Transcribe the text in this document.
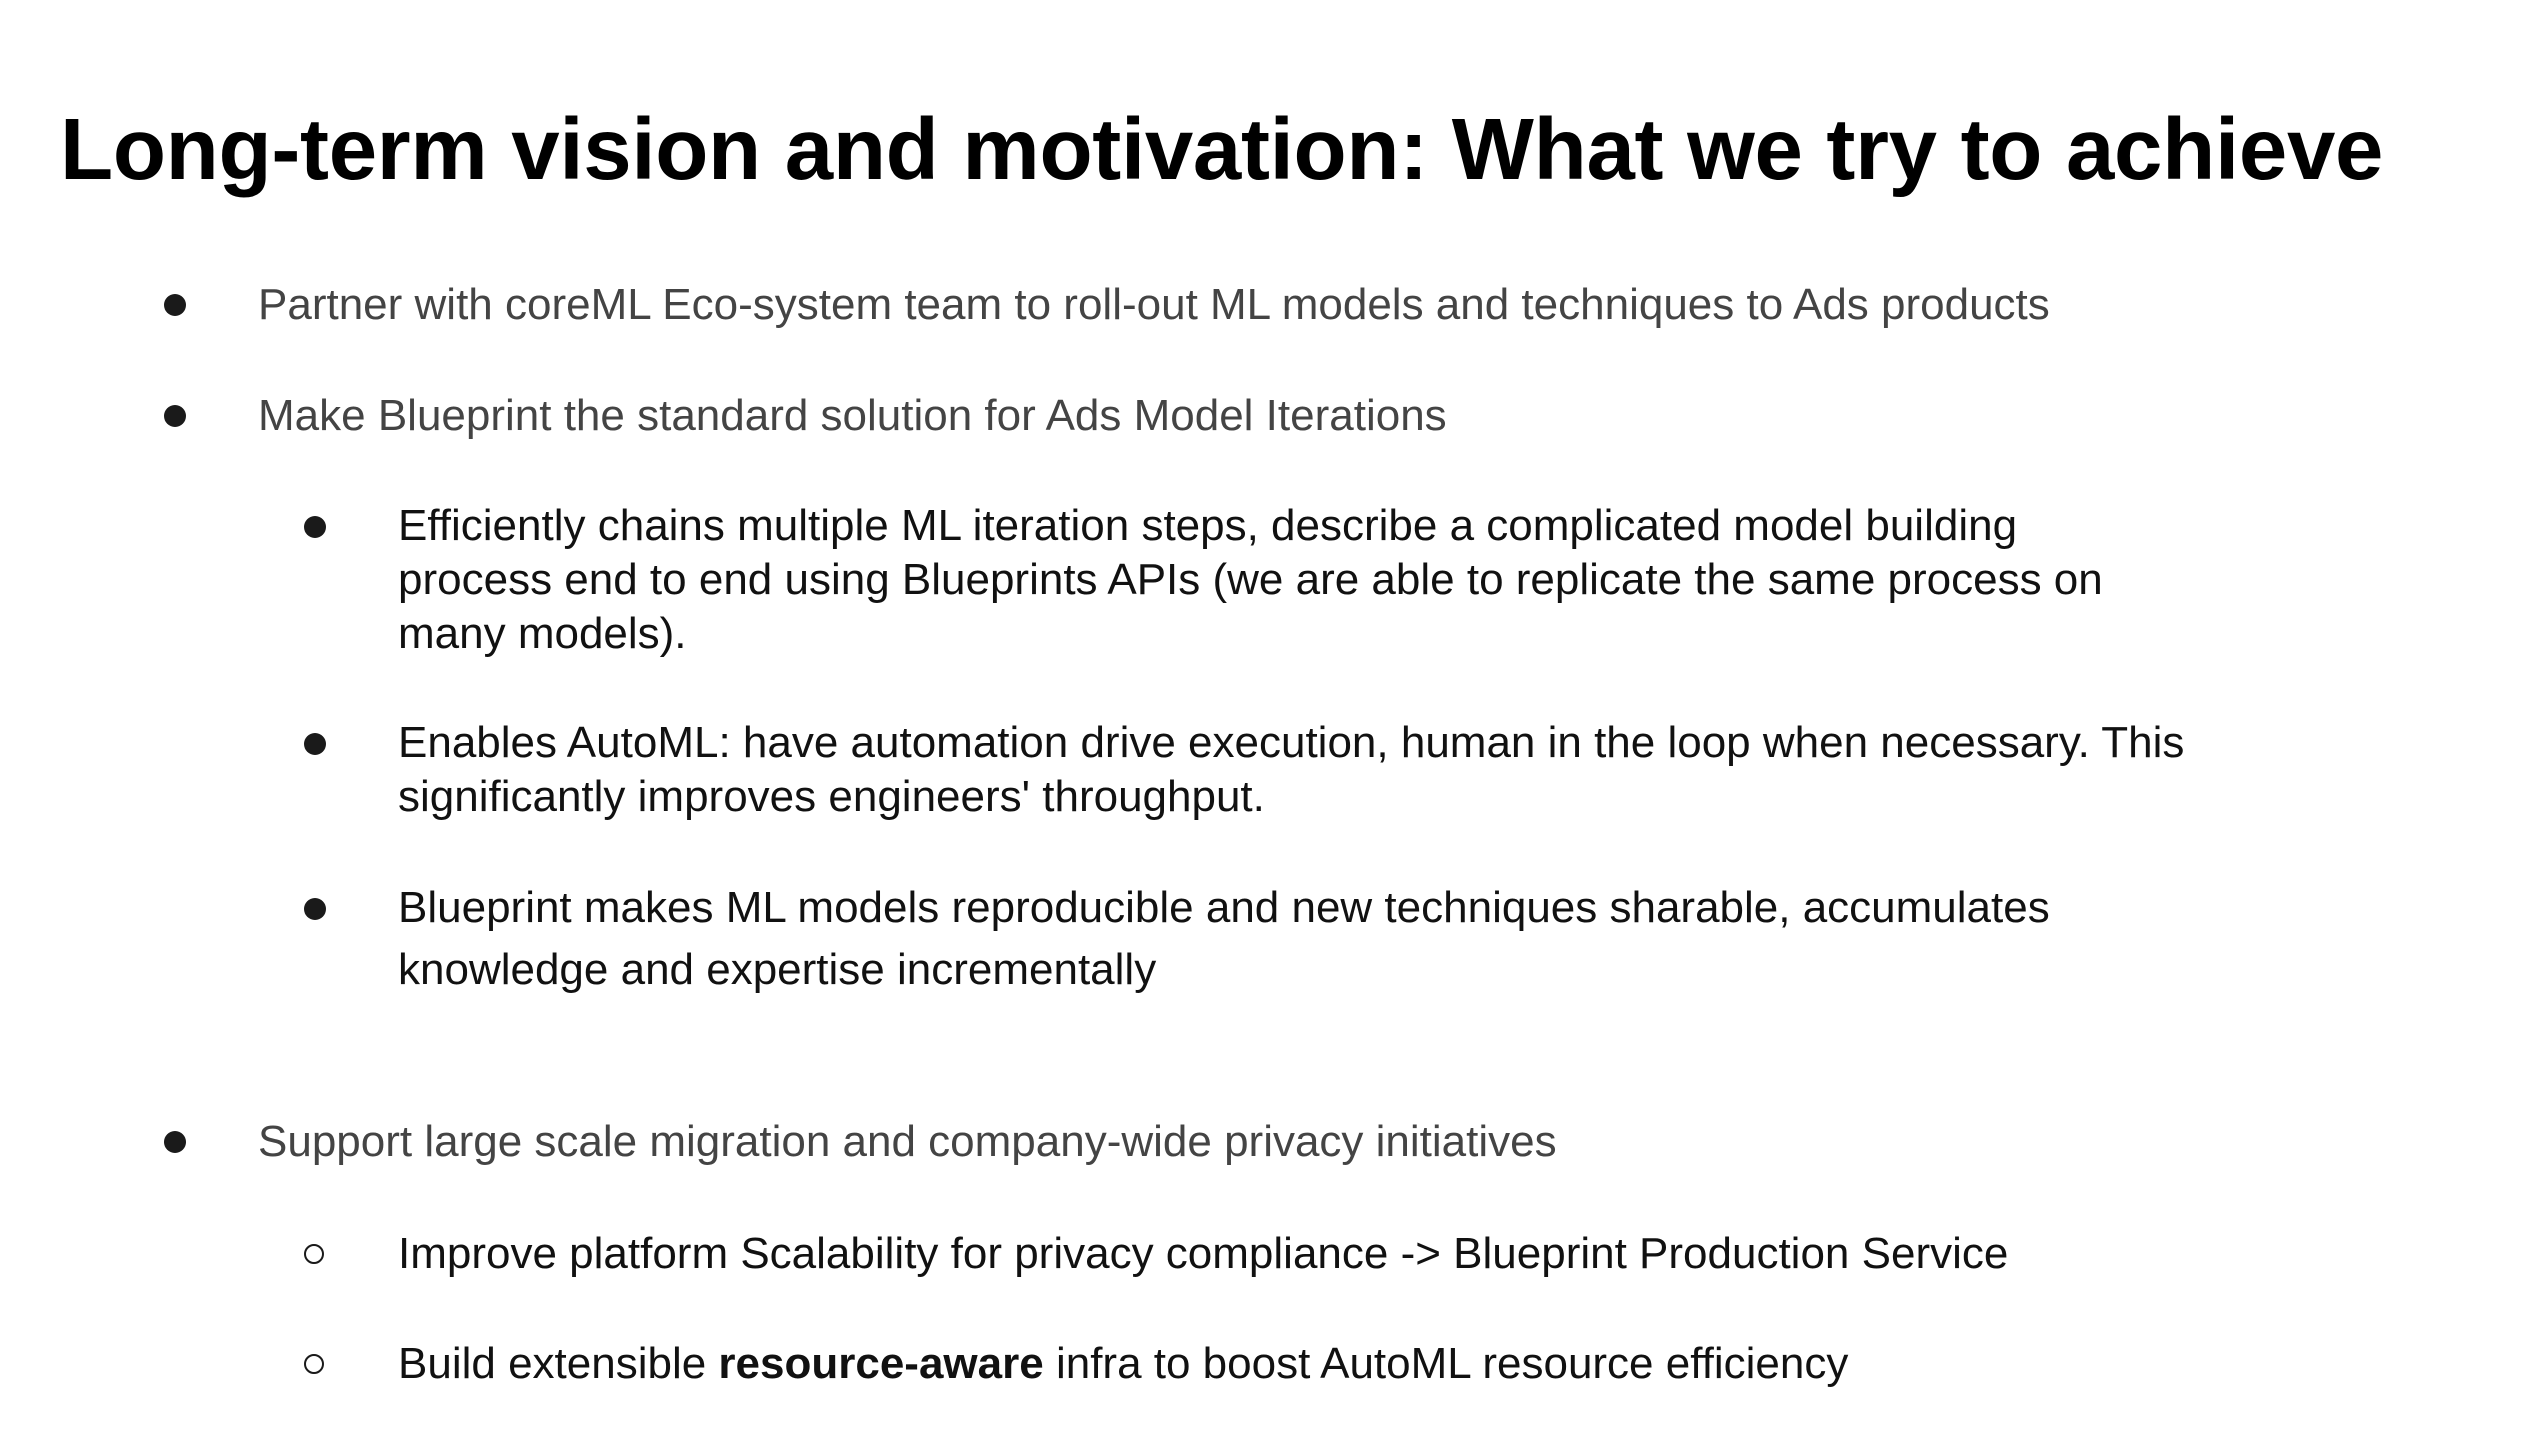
Long-term vision and motivation: What we try to achieve
Partner with coreML Eco-system team to roll-out ML models and techniques to Ads products
Make Blueprint the standard solution for Ads Model Iterations
Efficiently chains multiple ML iteration steps, describe a complicated model building
process end to end using Blueprints APIs (we are able to replicate the same process on
many models).
Enables AutoML: have automation drive execution, human in the loop when necessary. This
significantly improves engineers' throughput.
Blueprint makes ML models reproducible and new techniques sharable, accumulates
knowledge and expertise incrementally
Support large scale migration and company-wide privacy initiatives
Improve platform Scalability for privacy compliance -> Blueprint Production Service
Build extensible resource-aware infra to boost AutoML resource efficiency
